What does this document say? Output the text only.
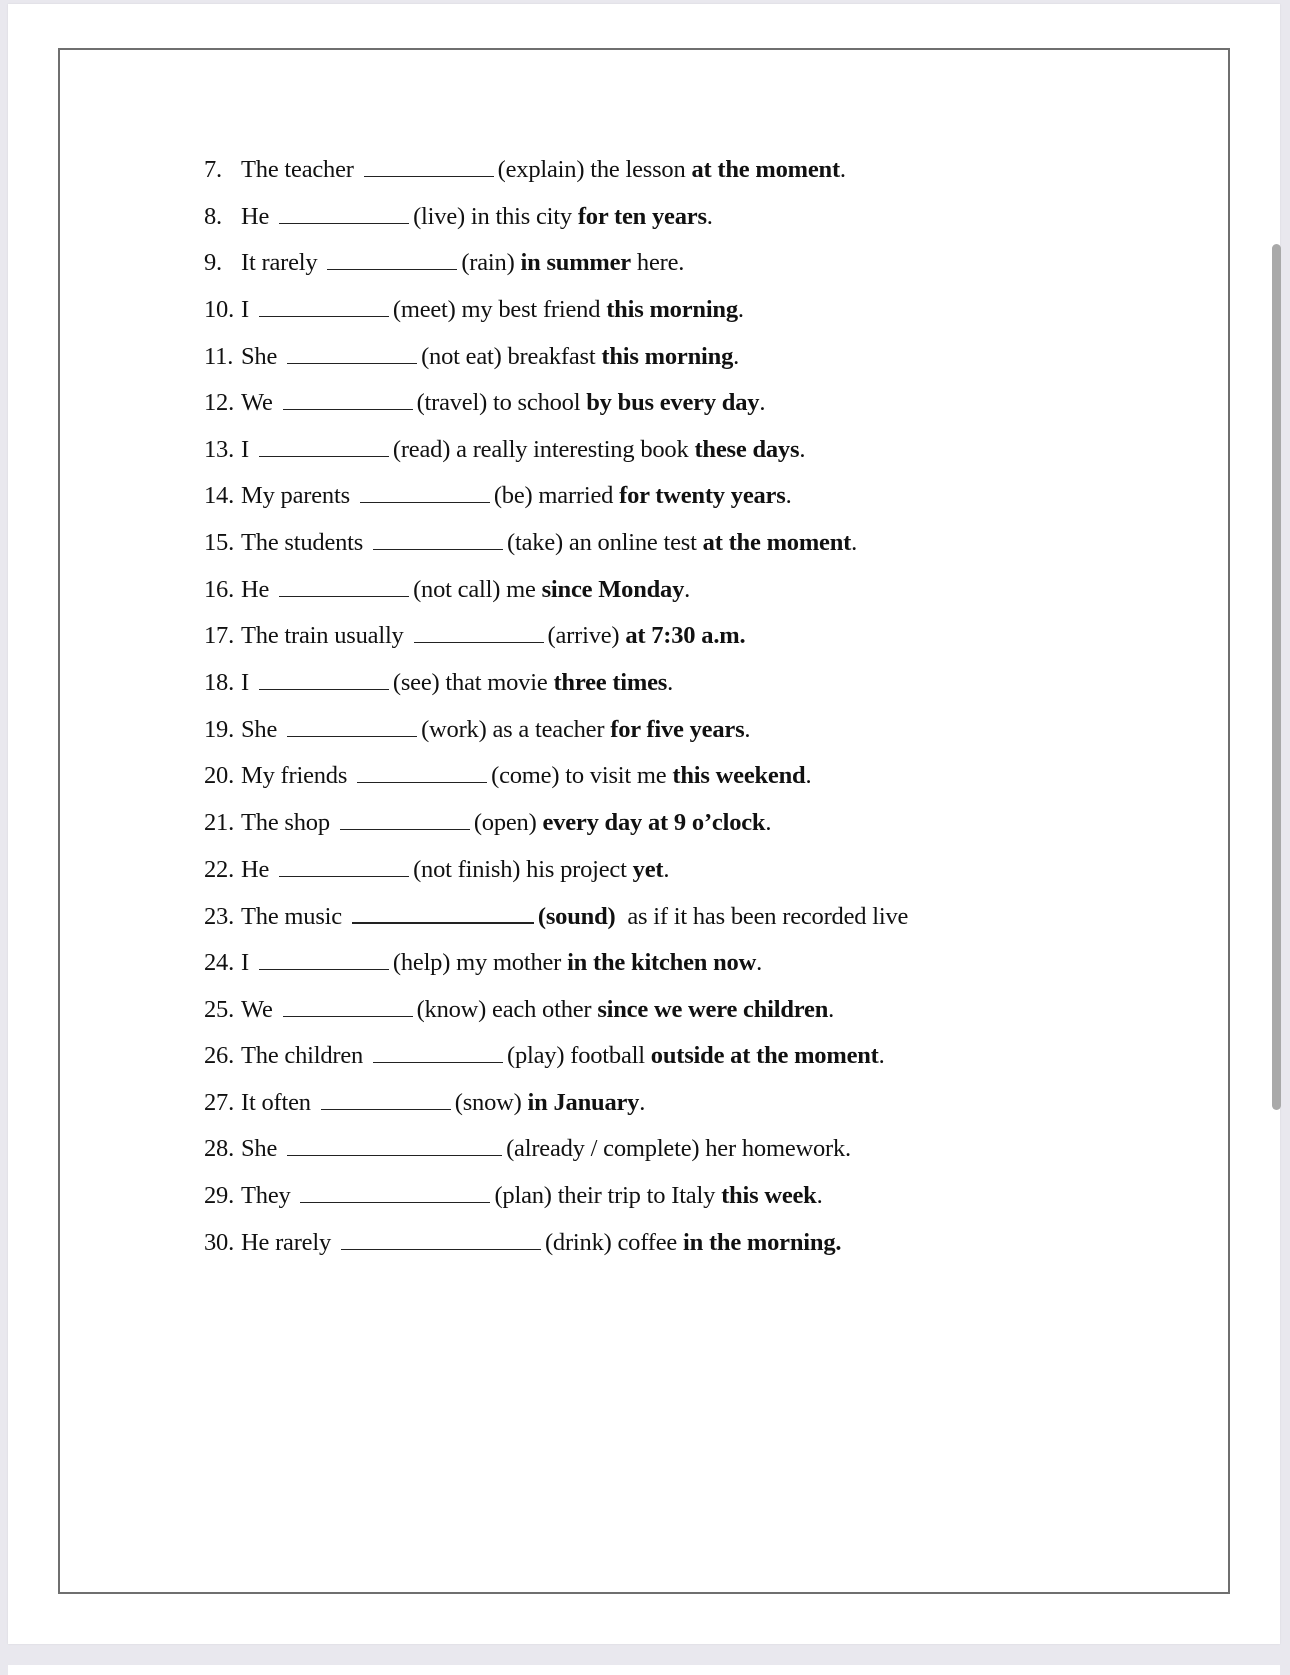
7. The teacher	(explain) the lesson at the moment.
8. He	(live) in this city for ten years.
9. It rarely	(rain) in summer here.
10. I	(meet) my best friend this morning.
11. She	(not eat) breakfast this morning.
12. We	(travel) to school by bus every day.
13. I	(read) a really interesting book these days.
14. My parents	(be) married for twenty years.
15. The students	(take) an online test at the moment.
16. He	(not call) me since Monday.
17. The train usually	(arrive) at 7:30 a.m.
18. I	(see) that movie three times.
19. She	(work) as a teacher for five years.
20. My friends	(come) to visit me this weekend.
21. The shop	(open) every day at 9 o’clock.
22. He	(not finish) his project yet.
23. The music	(sound)  as if it has been recorded live
24. I	(help) my mother in the kitchen now.
25. We	(know) each other since we were children.
26. The children	(play) football outside at the moment.
27. It often	(snow) in January.
28. She	(already / complete) her homework.
29. They	(plan) their trip to Italy this week.
30. He rarely	(drink) coffee in the morning.
